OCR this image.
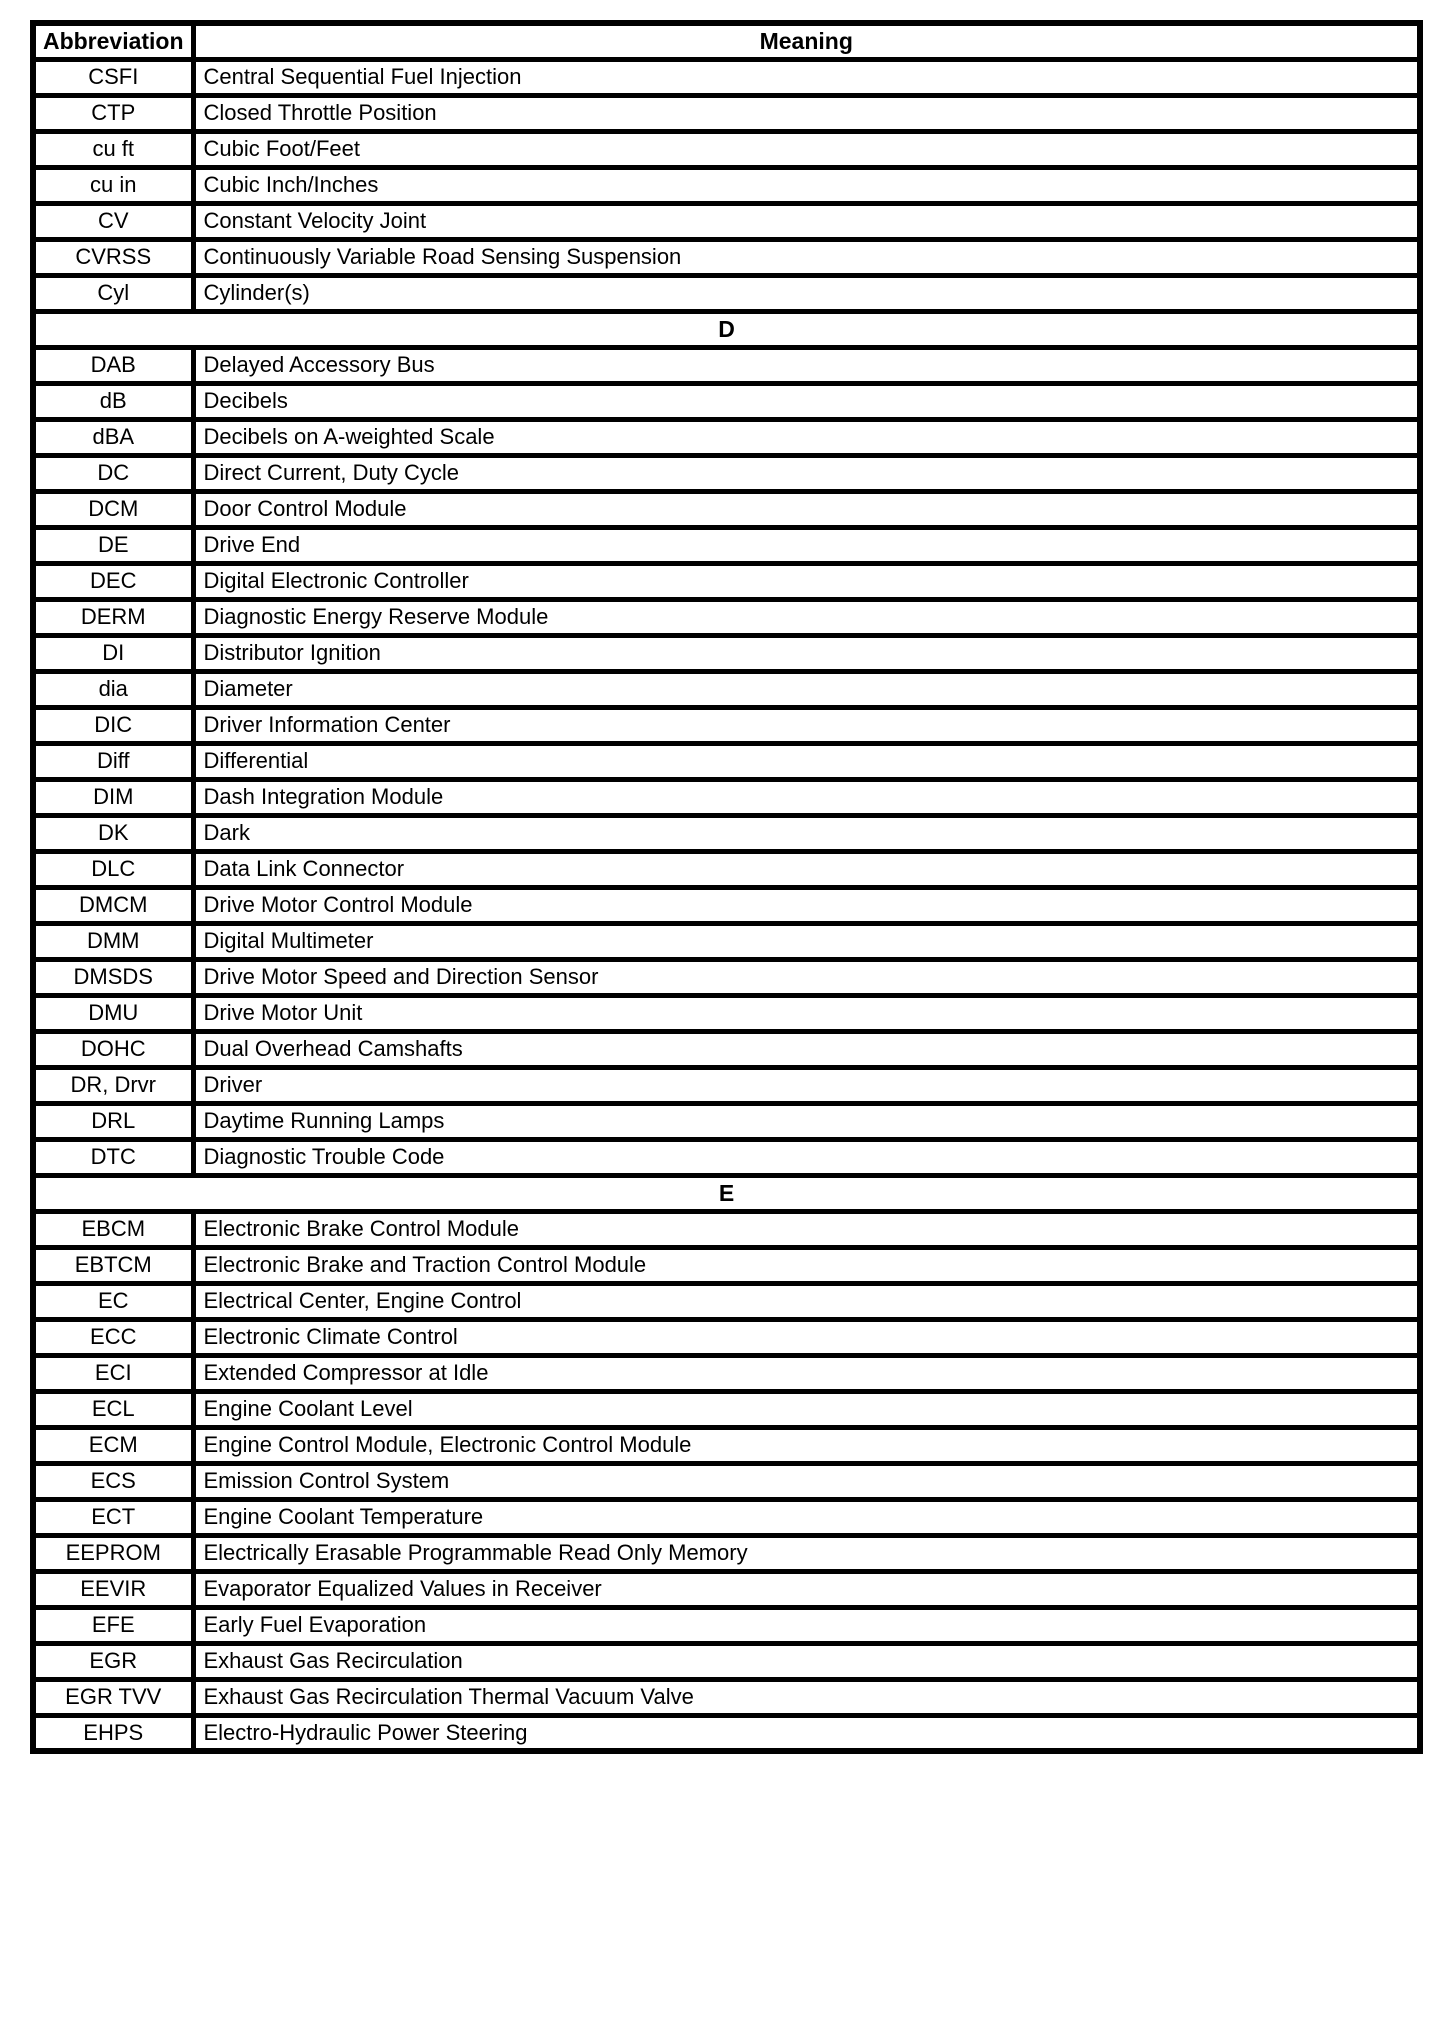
Abbreviation	Meaning
CSFI	Central Sequential Fuel Injection
CTP	Closed Throttle Position
cu ft	Cubic Foot/Feet
cu in	Cubic Inch/Inches
CV	Constant Velocity Joint
CVRSS	Continuously Variable Road Sensing Suspension
Cyl	Cylinder(s)
D	
DAB	Delayed Accessory Bus
dB	Decibels
dBA	Decibels on A-weighted Scale
DC	Direct Current, Duty Cycle
DCM	Door Control Module
DE	Drive End
DEC	Digital Electronic Controller
DERM	Diagnostic Energy Reserve Module
DI	Distributor Ignition
dia	Diameter
DIC	Driver Information Center
Diff	Differential
DIM	Dash Integration Module
DK	Dark
DLC	Data Link Connector
DMCM	Drive Motor Control Module
DMM	Digital Multimeter
DMSDS	Drive Motor Speed and Direction Sensor
DMU	Drive Motor Unit
DOHC	Dual Overhead Camshafts
DR, Drvr	Driver
DRL	Daytime Running Lamps
DTC	Diagnostic Trouble Code
E	
EBCM	Electronic Brake Control Module
EBTCM	Electronic Brake and Traction Control Module
EC	Electrical Center, Engine Control
ECC	Electronic Climate Control
ECI	Extended Compressor at Idle
ECL	Engine Coolant Level
ECM	Engine Control Module, Electronic Control Module
ECS	Emission Control System
ECT	Engine Coolant Temperature
EEPROM	Electrically Erasable Programmable Read Only Memory
EEVIR	Evaporator Equalized Values in Receiver
EFE	Early Fuel Evaporation
EGR	Exhaust Gas Recirculation
EGR TVV	Exhaust Gas Recirculation Thermal Vacuum Valve
EHPS	Electro-Hydraulic Power Steering
